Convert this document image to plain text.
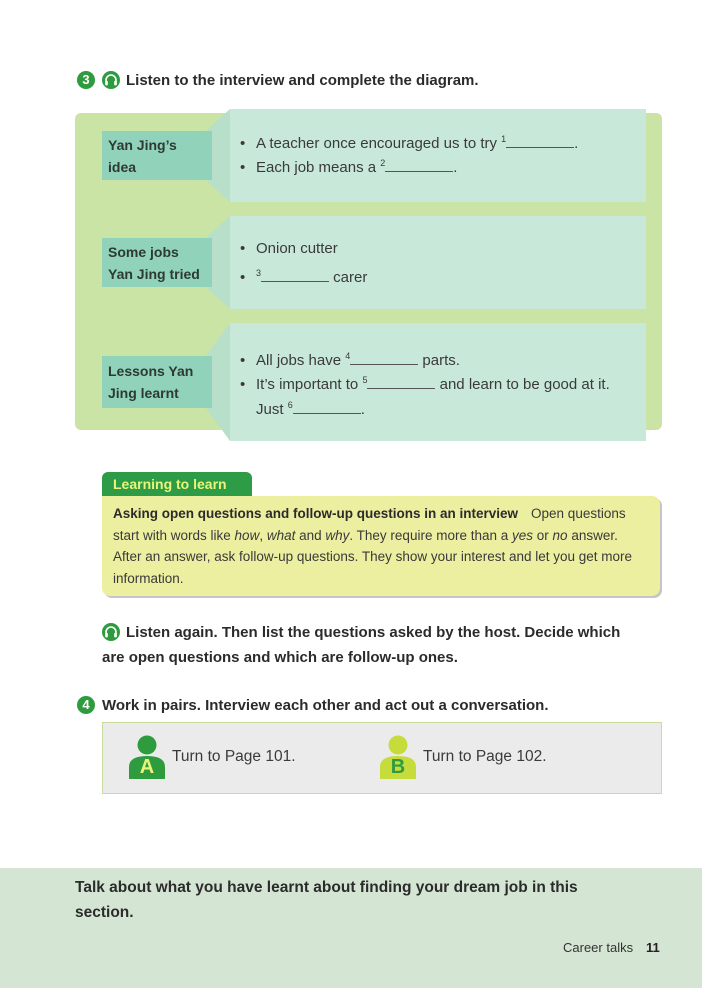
3	Listen to the interview and complete the diagram.
Yan Jing’s idea
Some jobs
Yan Jing tried
Lessons Yan
Jing learnt
• A teacher once encouraged us to try $^1$	.
• Each job means a $^2$	.
• Onion cutter
• $^3$	carer
• All jobs have $^4$	parts.
• It’s important to $^5$	and learn to be good at it.
Just $^6$	.
Learning to learn
Asking open questions and follow-up questions in an interview Open questions start with words like how, what and why. They require more than a yes or no answer. After an answer, ask follow-up questions. They show your interest and let you get more information.
Listen again. Then list the questions asked by the host. Decide which
are open questions and which are follow-up ones.
4 Work in pairs. Interview each other and act out a conversation.
A	Turn to Page 101.	B	Turn to Page 102.
Talk about what you have learnt about finding your dream job in this
section.
Career talks 11
